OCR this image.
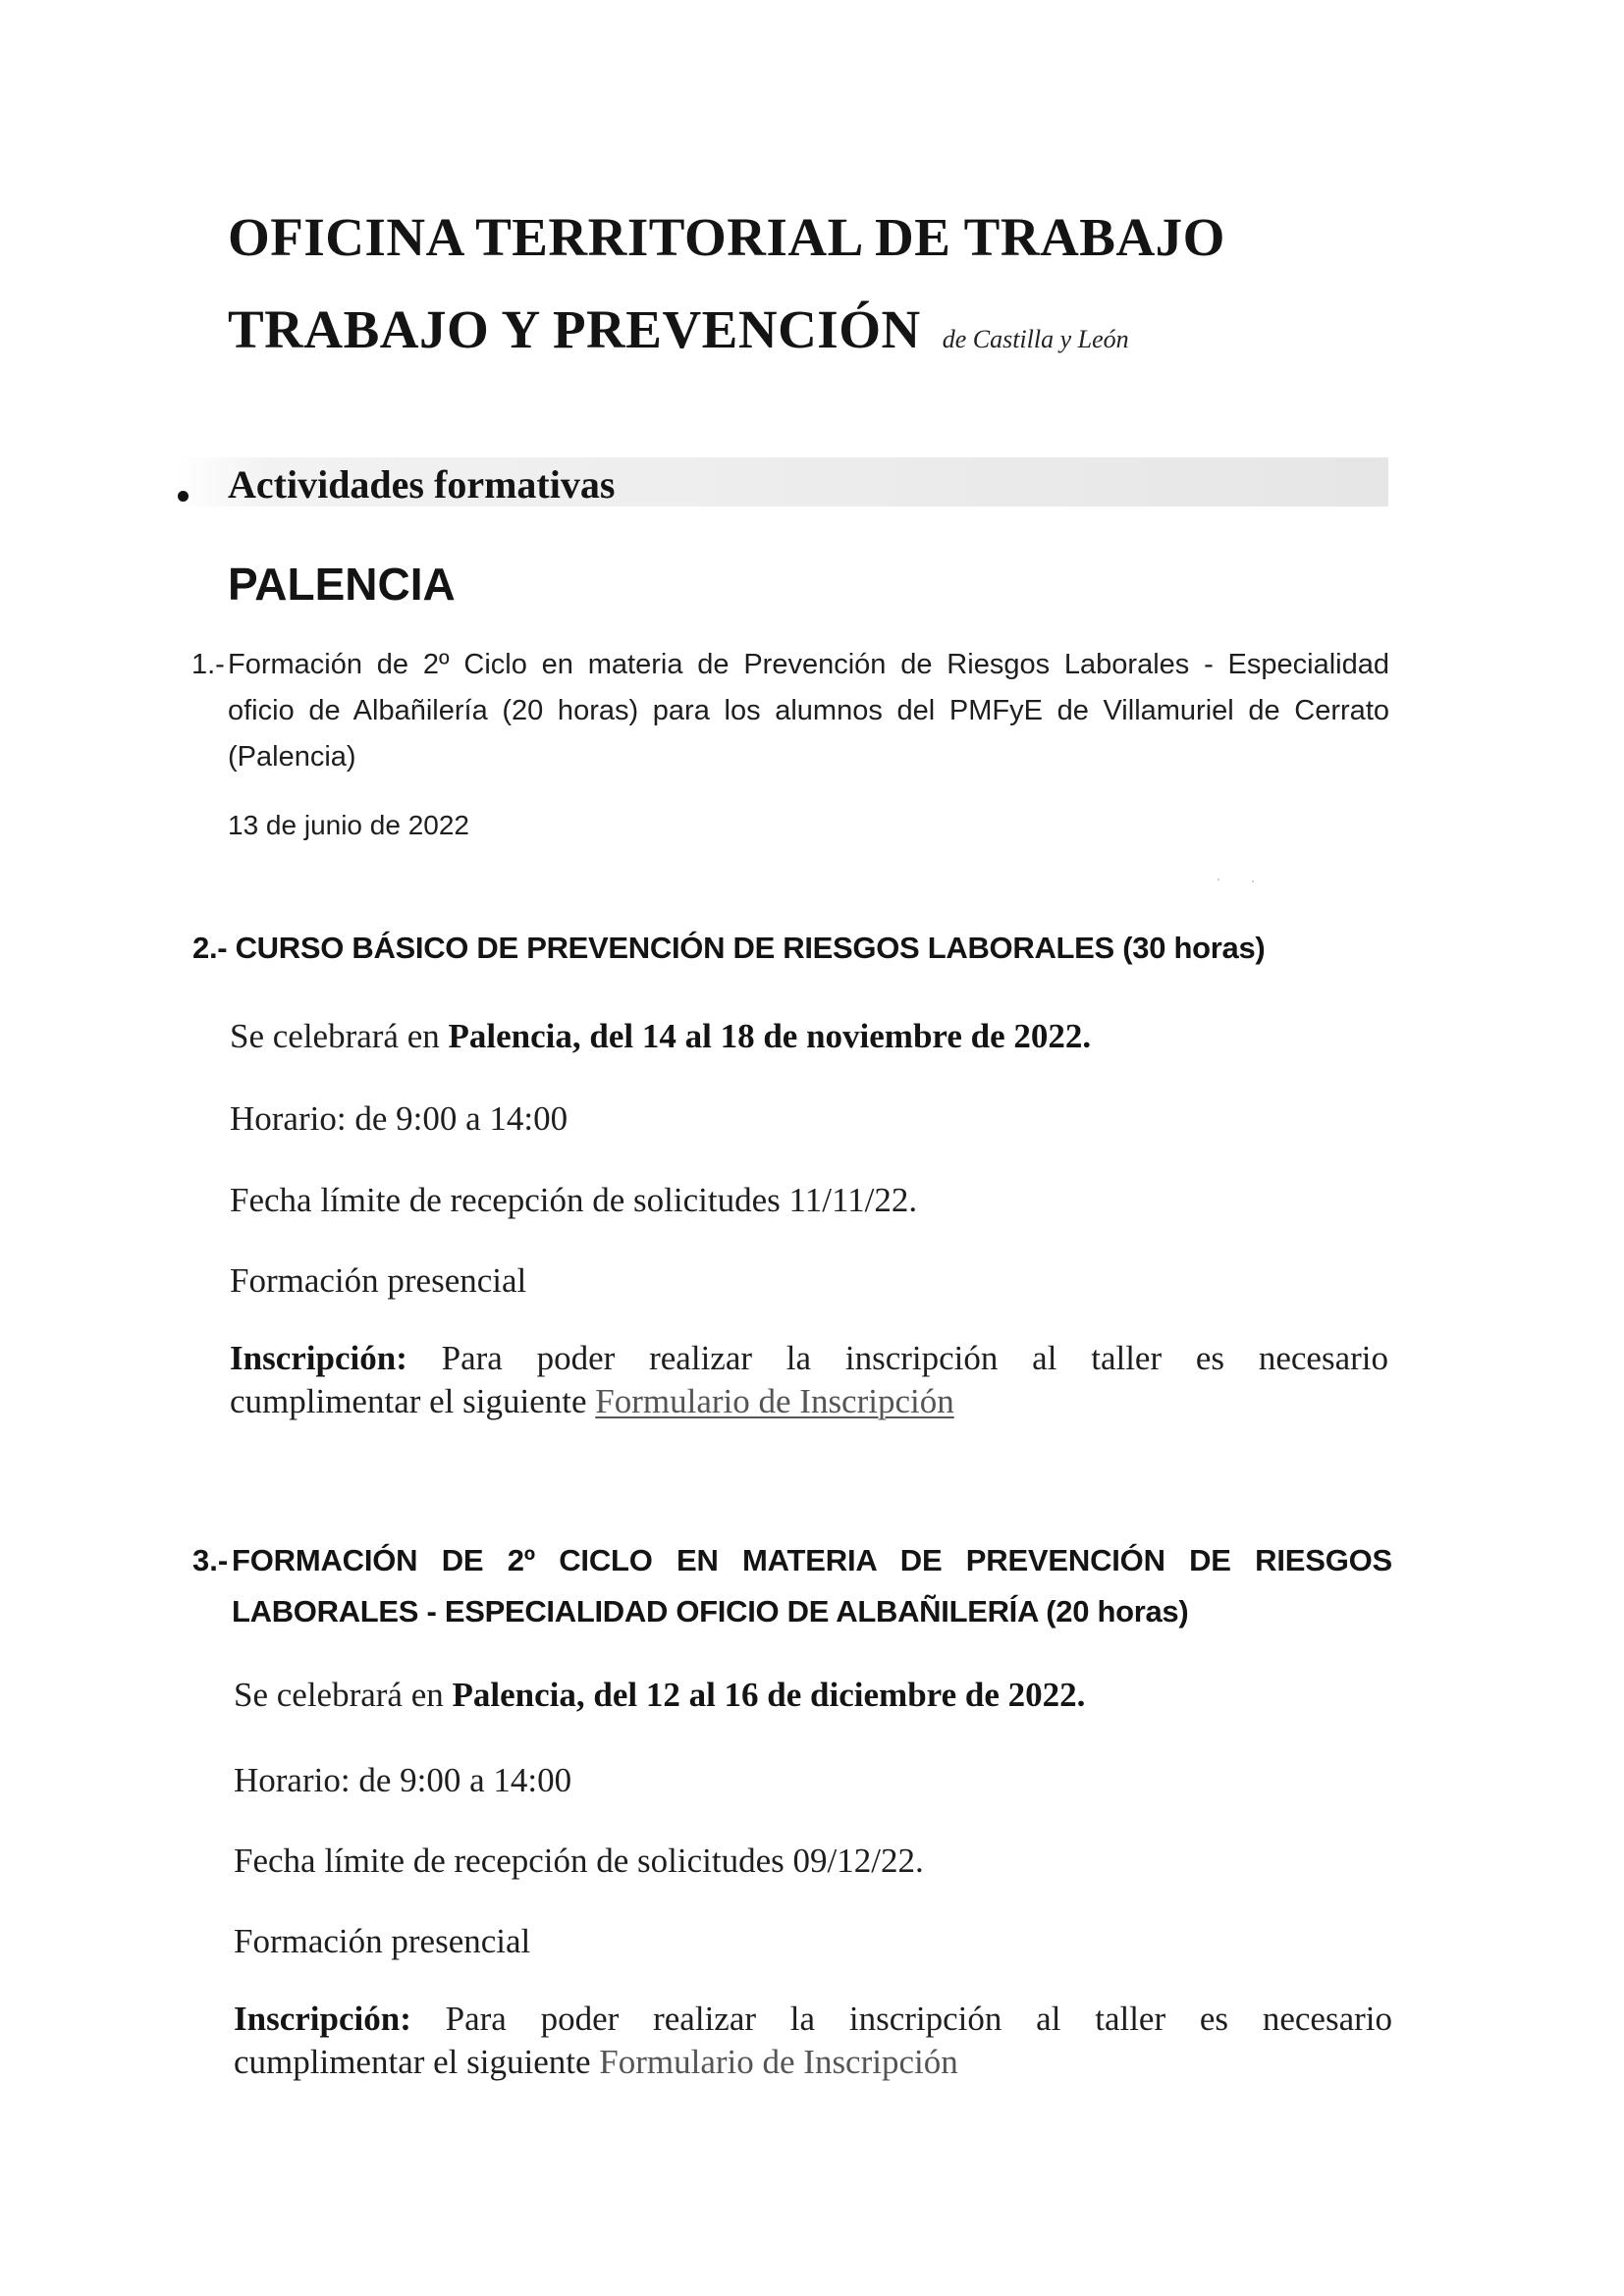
OFICINA TERRITORIAL DE TRABAJO
TRABAJO Y PREVENCIÓN de Castilla y León
Actividades formativas
PALENCIA
1.- Formación de 2º Ciclo en materia de Prevención de Riesgos Laborales - Especialidad
oficio de Albañilería (20 horas) para los alumnos del PMFyE de Villamuriel de Cerrato
(Palencia)
13 de junio de 2022
2.- CURSO BÁSICO DE PREVENCIÓN DE RIESGOS LABORALES (30 horas)
Se celebrará en Palencia, del 14 al 18 de noviembre de 2022.
Horario: de 9:00 a 14:00
Fecha límite de recepción de solicitudes 11/11/22.
Formación presencial
Inscripción: Para poder realizar la inscripción al taller es necesario
cumplimentar el siguiente Formulario de Inscripción
3.- FORMACIÓN DE 2º CICLO EN MATERIA DE PREVENCIÓN DE RIESGOS
LABORALES - ESPECIALIDAD OFICIO DE ALBAÑILERÍA (20 horas)
Se celebrará en Palencia, del 12 al 16 de diciembre de 2022.
Horario: de 9:00 a 14:00
Fecha límite de recepción de solicitudes 09/12/22.
Formación presencial
Inscripción: Para poder realizar la inscripción al taller es necesario
cumplimentar el siguiente Formulario de Inscripción
